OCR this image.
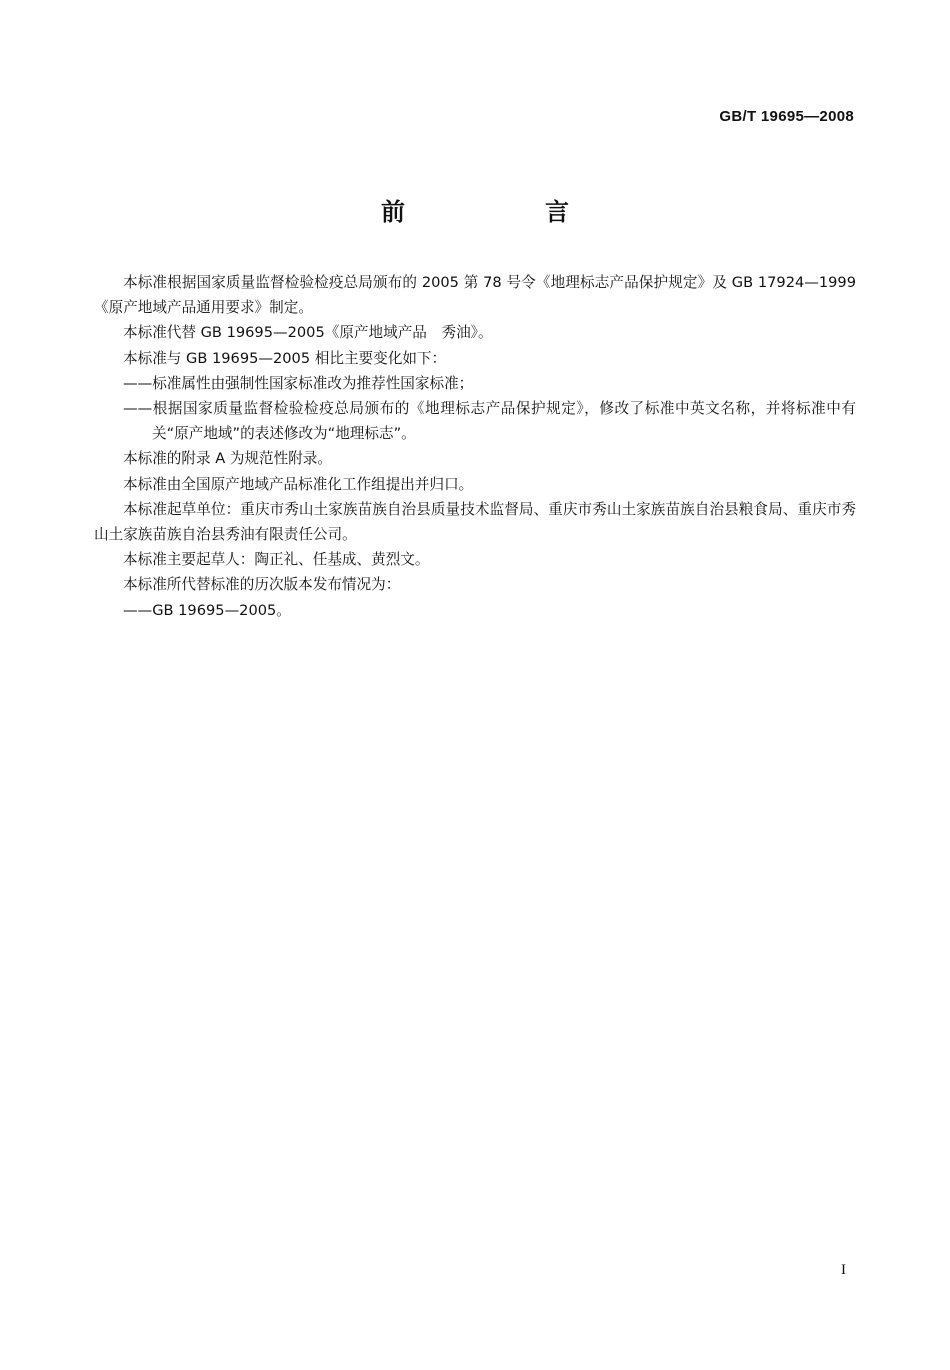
GB/T 19695—2008
前　言

本标准根据国家质量监督检验检疫总局颁布的 2005 第 78 号令《地理标志产品保护规定》及 GB 17924—1999《原产地域产品通用要求》制定。

本标准代替 GB 19695—2005《原产地域产品　秀油》。

本标准与 GB 19695—2005 相比主要变化如下：

——标准属性由强制性国家标准改为推荐性国家标准；

——根据国家质量监督检验检疫总局颁布的《地理标志产品保护规定》，修改了标准中英文名称，并将标准中有关“原产地域”的表述修改为“地理标志”。

本标准的附录 A 为规范性附录。

本标准由全国原产地域产品标准化工作组提出并归口。

本标准起草单位：重庆市秀山土家族苗族自治县质量技术监督局、重庆市秀山土家族苗族自治县粮食局、重庆市秀山土家族苗族自治县秀油有限责任公司。

本标准主要起草人：陶正礼、任基成、黄烈文。

本标准所代替标准的历次版本发布情况为：

——GB 19695—2005。

I
